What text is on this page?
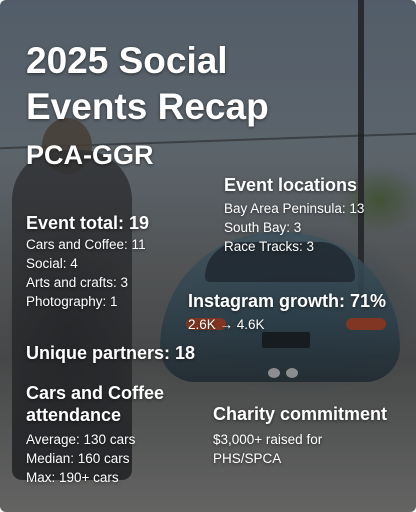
2025 Social
Events Recap
PCA-GGR
Event locations
Bay Area Peninsula: 13
South Bay: 3
Race Tracks: 3
Event total: 19
Cars and Coffee: 11
Social: 4
Arts and crafts: 3
Photography: 1	Instagram growth: 71%
2.6K → 4.6K
Unique partners: 18
Cars and Coffee
attendance
Average: 130 cars
Median: 160 cars
Max: 190+ cars
Charity commitment
$3,000+ raised for
PHS/SPCA
